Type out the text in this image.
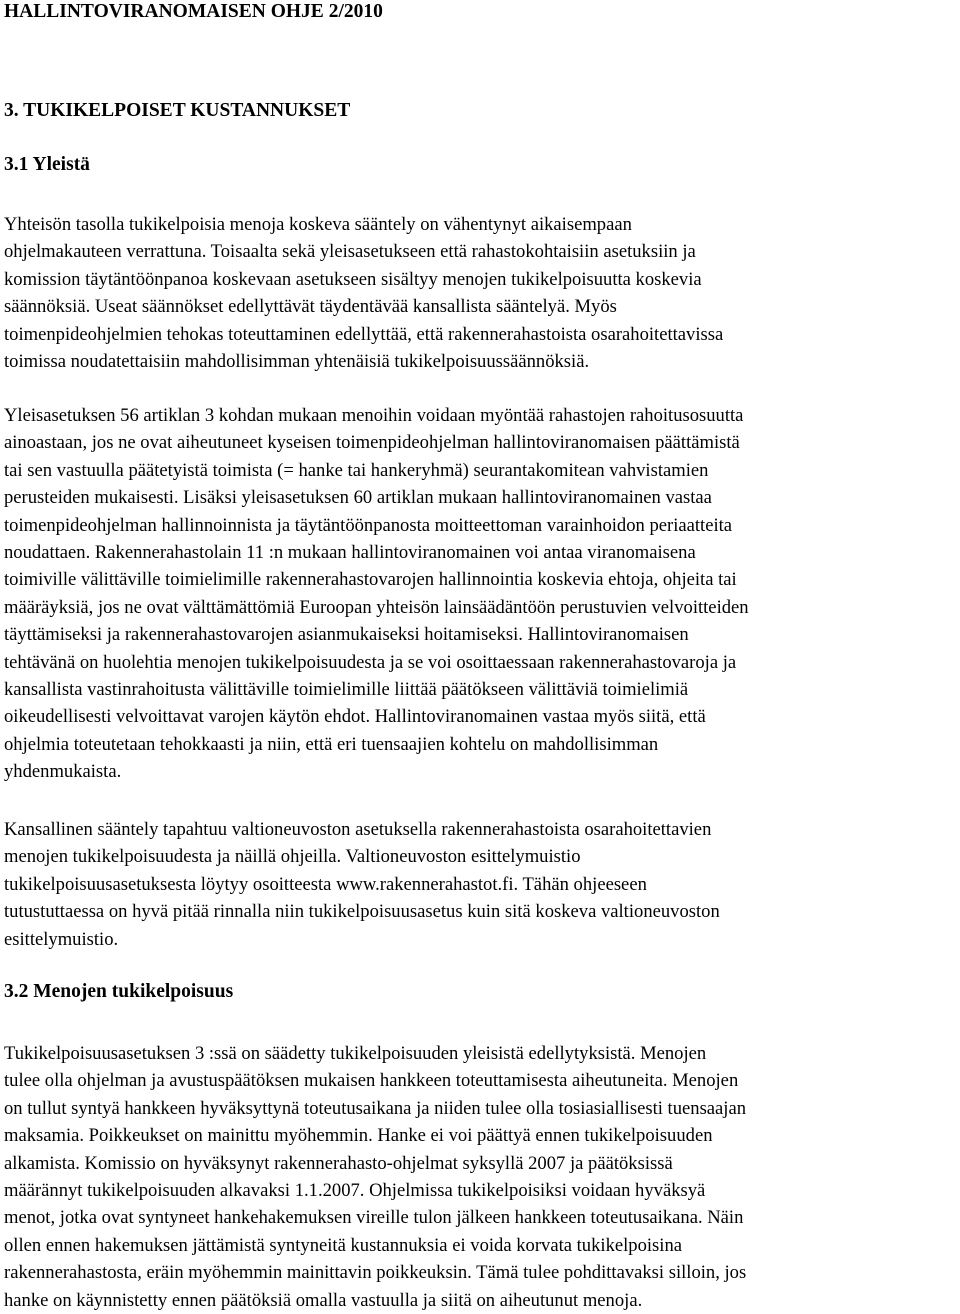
HALLINTOVIRANOMAISEN OHJE 2/2010
3. TUKIKELPOISET KUSTANNUKSET
3.1 Yleistä

Yhteisön tasolla tukikelpoisia menoja koskeva sääntely on vähentynyt aikaisempaan
ohjelmakauteen verrattuna. Toisaalta sekä yleisasetukseen että rahastokohtaisiin asetuksiin ja
komission täytäntöönpanoa koskevaan asetukseen sisältyy menojen tukikelpoisuutta koskevia
säännöksiä. Useat säännökset edellyttävät täydentävää kansallista sääntelyä. Myös
toimenpideohjelmien tehokas toteuttaminen edellyttää, että rakennerahastoista osarahoitettavissa
toimissa noudatettaisiin mahdollisimman yhtenäisiä tukikelpoisuussäännöksiä.

Yleisasetuksen 56 artiklan 3 kohdan mukaan menoihin voidaan myöntää rahastojen rahoitusosuutta
ainoastaan, jos ne ovat aiheutuneet kyseisen toimenpideohjelman hallintoviranomaisen päättämistä
tai sen vastuulla päätetyistä toimista (= hanke tai hankeryhmä) seurantakomitean vahvistamien
perusteiden mukaisesti. Lisäksi yleisasetuksen 60 artiklan mukaan hallintoviranomainen vastaa
toimenpideohjelman hallinnoinnista ja täytäntöönpanosta moitteettoman varainhoidon periaatteita
noudattaen. Rakennerahastolain 11 :n mukaan hallintoviranomainen voi antaa viranomaisena
toimiville välittäville toimielimille rakennerahastovarojen hallinnointia koskevia ehtoja, ohjeita tai
määräyksiä, jos ne ovat välttämättömiä Euroopan yhteisön lainsäädäntöön perustuvien velvoitteiden
täyttämiseksi ja rakennerahastovarojen asianmukaiseksi hoitamiseksi. Hallintoviranomaisen
tehtävänä on huolehtia menojen tukikelpoisuudesta ja se voi osoittaessaan rakennerahastovaroja ja
kansallista vastinrahoitusta välittäville toimielimille liittää päätökseen välittäviä toimielimiä
oikeudellisesti velvoittavat varojen käytön ehdot. Hallintoviranomainen vastaa myös siitä, että
ohjelmia toteutetaan tehokkaasti ja niin, että eri tuensaajien kohtelu on mahdollisimman
yhdenmukaista.

Kansallinen sääntely tapahtuu valtioneuvoston asetuksella rakennerahastoista osarahoitettavien
menojen tukikelpoisuudesta ja näillä ohjeilla. Valtioneuvoston esittelymuistio
tukikelpoisuusasetuksesta löytyy osoitteesta www.rakennerahastot.fi. Tähän ohjeeseen
tutustuttaessa on hyvä pitää rinnalla niin tukikelpoisuusasetus kuin sitä koskeva valtioneuvoston
esittelymuistio.

3.2 Menojen tukikelpoisuus

Tukikelpoisuusasetuksen 3 :ssä on säädetty tukikelpoisuuden yleisistä edellytyksistä. Menojen
tulee olla ohjelman ja avustuspäätöksen mukaisen hankkeen toteuttamisesta aiheutuneita. Menojen
on tullut syntyä hankkeen hyväksyttynä toteutusaikana ja niiden tulee olla tosiasiallisesti tuensaajan
maksamia. Poikkeukset on mainittu myöhemmin. Hanke ei voi päättyä ennen tukikelpoisuuden
alkamista. Komissio on hyväksynyt rakennerahasto-ohjelmat syksyllä 2007 ja päätöksissä
määrännyt tukikelpoisuuden alkavaksi 1.1.2007. Ohjelmissa tukikelpoisiksi voidaan hyväksyä
menot, jotka ovat syntyneet hankehakemuksen vireille tulon jälkeen hankkeen toteutusaikana. Näin
ollen ennen hakemuksen jättämistä syntyneitä kustannuksia ei voida korvata tukikelpoisina
rakennerahastosta, eräin myöhemmin mainittavin poikkeuksin. Tämä tulee pohdittavaksi silloin, jos
hanke on käynnistetty ennen päätöksiä omalla vastuulla ja siitä on aiheutunut menoja.
